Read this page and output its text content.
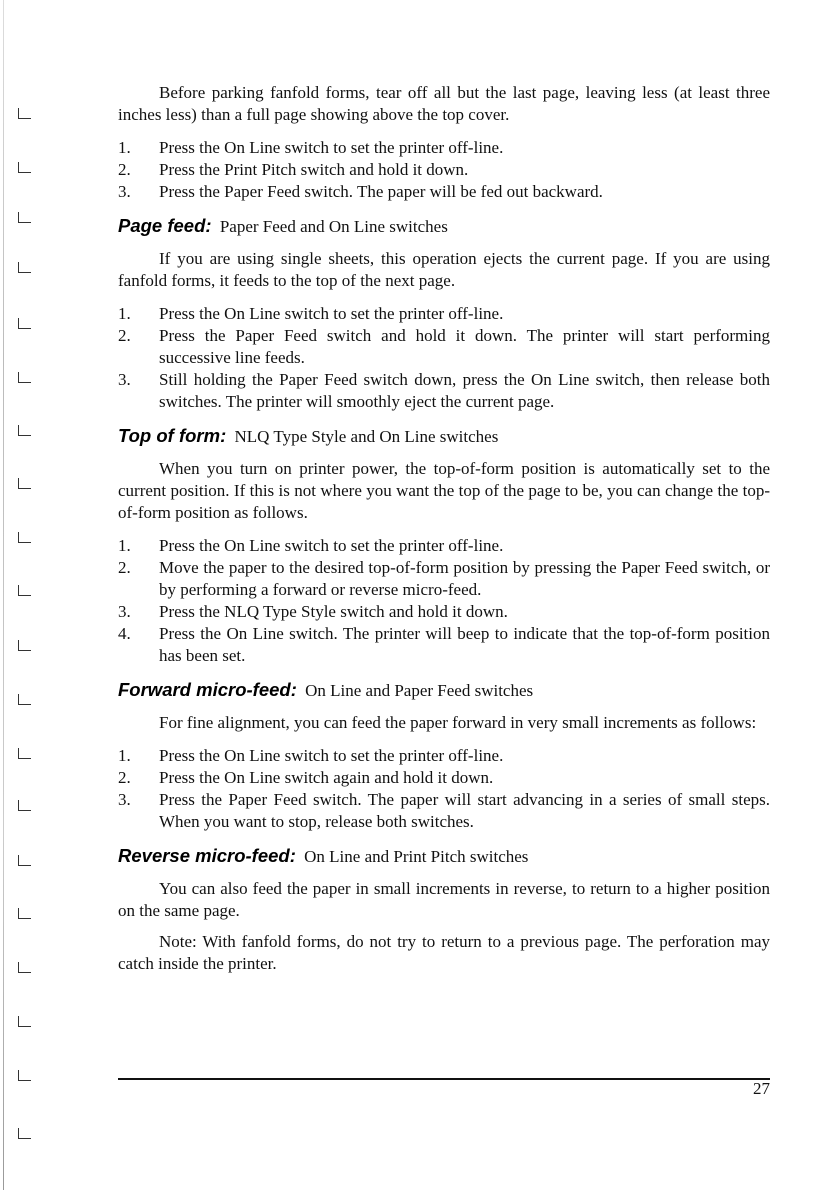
Before parking fanfold forms, tear off all but the last page, leaving less (at least three inches less) than a full page showing above the top cover.

1. Press the On Line switch to set the printer off-line.
2. Press the Print Pitch switch and hold it down.
3. Press the Paper Feed switch. The paper will be fed out backward.
Page feed: Paper Feed and On Line switches

If you are using single sheets, this operation ejects the current page. If you are using fanfold forms, it feeds to the top of the next page.

1. Press the On Line switch to set the printer off-line.
2. Press the Paper Feed switch and hold it down. The printer will start performing successive line feeds.
3. Still holding the Paper Feed switch down, press the On Line switch, then release both switches. The printer will smoothly eject the current page.
Top of form: NLQ Type Style and On Line switches

When you turn on printer power, the top-of-form position is automatically set to the current position. If this is not where you want the top of the page to be, you can change the top-of-form position as follows.

1. Press the On Line switch to set the printer off-line.
2. Move the paper to the desired top-of-form position by pressing the Paper Feed switch, or by performing a forward or reverse micro-feed.
3. Press the NLQ Type Style switch and hold it down.
4. Press the On Line switch. The printer will beep to indicate that the top-of-form position has been set.
Forward micro-feed: On Line and Paper Feed switches

For fine alignment, you can feed the paper forward in very small increments as follows:

1. Press the On Line switch to set the printer off-line.
2. Press the On Line switch again and hold it down.
3. Press the Paper Feed switch. The paper will start advancing in a series of small steps. When you want to stop, release both switches.
Reverse micro-feed: On Line and Print Pitch switches

You can also feed the paper in small increments in reverse, to return to a higher position on the same page.

Note: With fanfold forms, do not try to return to a previous page. The perforation may catch inside the printer.

27
